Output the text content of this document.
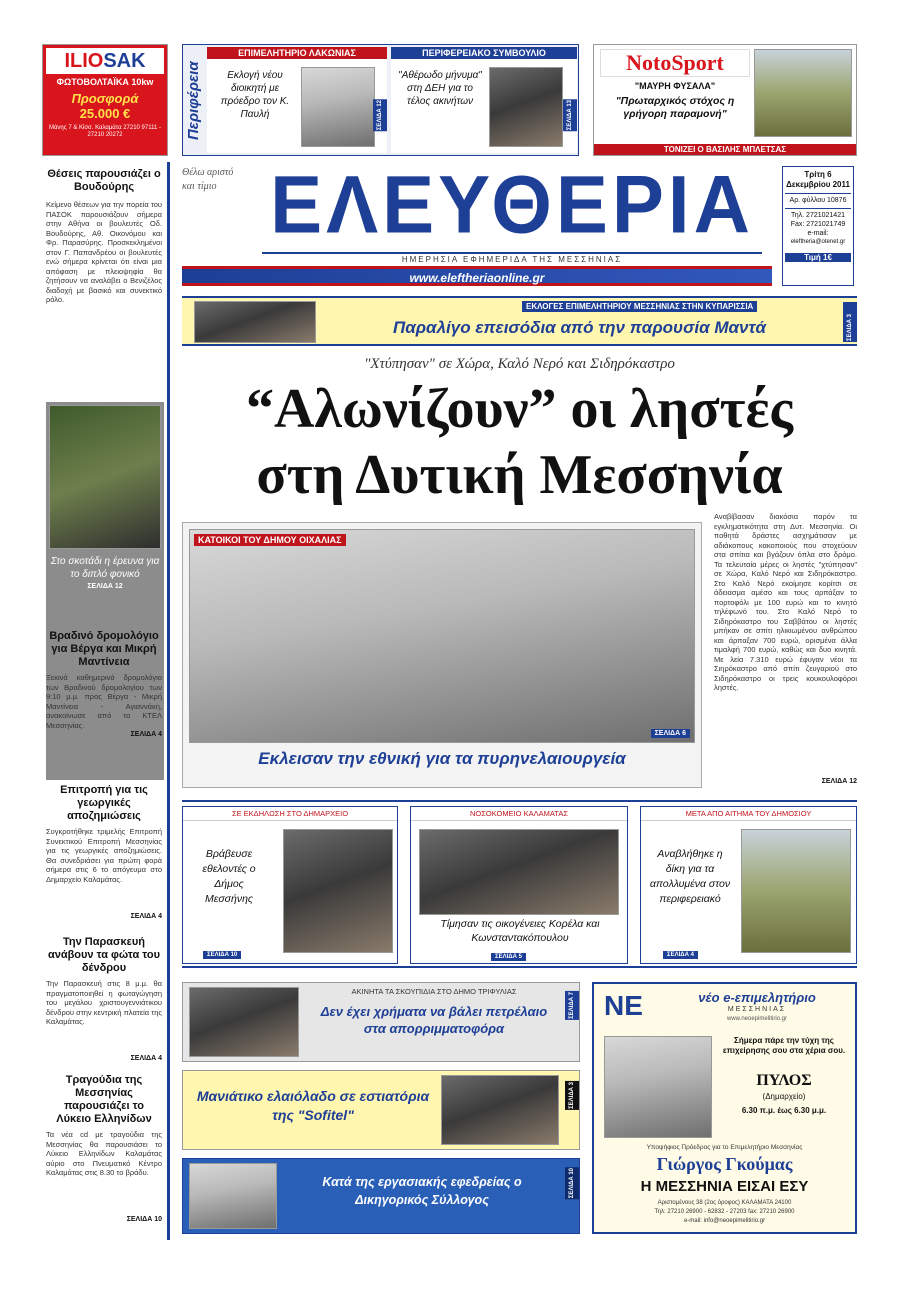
ILIOSAK
ΦΩΤΟΒΟΛΤΑΪΚΑ 10kw
Προσφορά
25.000 €
Μάνης 7 & Κίσσ. Καλαμάτα 27210 97111 - 27210 20272	Περιφέρεια
ΕΠΙΜΕΛΗΤΗΡΙΟ ΛΑΚΩΝΙΑΣ
Εκλογή νέου διοικητή με πρόεδρο τον Κ. Παυλή	ΣΕΛΙΔΑ 12
ΠΕΡΙΦΕΡΕΙΑΚΟ ΣΥΜΒΟΥΛΙΟ
"Αθέρωδο μήνυμα" στη ΔΕΗ για το τέλος ακινήτων	ΣΕΛΙΔΑ 13
NotoSport
"ΜΑΥΡΗ ΦΥΣΑΛΑ"
"Πρωταρχικός στόχος η γρήγορη παραμονή"
ΤΟΝΙΖΕΙ Ο ΒΑΣΙΛΗΣ ΜΠΛΕΤΣΑΣ
Θέσεις παρουσιάζει ο Βουδούρης
Κείμενο θέσεων για την πορεία του ΠΑΣΟΚ παρουσιάζουν σήμερα στην Αθήνα οι βουλευτές Οδ. Βουδούρης, Αθ. Οικονόμου και Φρ. Παρασύρης. Προσκεκλημένοι στον Γ. Παπανδρέου οι βουλευτές ενώ σήμερα κρίνεται ότι είναι μια απόφαση με πλειοψηφία θα ζητήσουν να αναλάβει ο Βενιζέλος διαδοχή με βασικό και συνεκτικό ρόλο.
Στο σκοτάδι η έρευνα για το διπλό φονικό
ΣΕΛΙΔΑ 12
Βραδινό δρομολόγιο για Βέργα και Μικρή Μαντίνεια
Ξεκινά καθημερινό δρομολόγιο των Βραδινού δρομολογίου των 9:10 μ.μ. προς Βέργα - Μικρή Μαντίνεια - Αγιαννάκη, ανακοίνωσε από το ΚΤΕΛ Μεσσηνίας.
ΣΕΛΙΔΑ 4
Επιτροπή για τις γεωργικές αποζημιώσεις
Συγκροτήθηκε τριμελής Επιτροπή Συνεκτικού Επιτροπή Μεσσηνίας για τις γεωργικές αποζημιώσεις. Θα συνεδριάσει για πρώτη φορά σήμερα στις 6 το απόγευμα στο Δημαρχείο Καλαμάτας.
ΣΕΛΙΔΑ 4
Την Παρασκευή ανάβουν τα φώτα του δένδρου
Την Παρασκευή στις 8 μ.μ. θα πραγματοποιηθεί η φωταγώγηση του μεγάλου χριστουγεννιάτικου δένδρου στην κεντρική πλατεία της Καλαμάτας.
ΣΕΛΙΔΑ 4
Τραγούδια της Μεσσηνίας παρουσιάζει το Λύκειο Ελληνίδων
Τα νέα cd με τραγούδια της Μεσσηνίας θα παρουσιάσει το Λύκειο Ελληνίδων Καλαμάτας αύριο στο Πνευματικό Κέντρο Καλαμάτας στις 8.30 το βράδυ.
ΣΕΛΙΔΑ 10
Θέλω αριστό και τίμιο ΕΛΕΥΘΕΡΙΑ
ΗΜΕΡΗΣΙΑ ΕΦΗΜΕΡΙΔΑ ΤΗΣ ΜΕΣΣΗΝΙΑΣ
www.eleftheriaonline.gr
Τρίτη 6 Δεκεμβρίου 2011
Αρ. φύλλου 10876
Τηλ. 2721021421
Fax: 2721021749
e-mail:
eleftheria@otenet.gr
Τιμή 1€
ΕΚΛΟΓΕΣ ΕΠΙΜΕΛΗΤΗΡΙΟΥ ΜΕΣΣΗΝΙΑΣ ΣΤΗΝ ΚΥΠΑΡΙΣΣΙΑ
Παραλίγο επεισόδια από την παρουσία Μαντά	ΣΕΛΙΔΑ 3
"Χτύπησαν" σε Χώρα, Καλό Νερό και Σιδηρόκαστρο
“Αλωνίζουν” οι ληστές
στη Δυτική Μεσσηνία
ΚΑΤΟΙΚΟΙ ΤΟΥ ΔΗΜΟΥ ΟΙΧΑΛΙΑΣ
ΣΕΛΙΔΑ 6
Εκλεισαν την εθνική για τα πυρηνελαιουργεία
Αναβίβασαν διακόσια παρόν τα εγκληματικότητα στη Δυτ. Μεσσηνία. Οι ποθητά δράστες ασχημάτισαν με αδιάκοπους κακοποιούς που στοχεύουν στα σπίτια και βγάζουν όπλα στο δρόμο. Τα τελευταία μέρες οι ληστές "χτύπησαν" σε Χώρα, Καλό Νερό και Σιδηρόκαστρο. Στο Καλό Νερό εκοίμησε κορίτσι σε άδειασμα αμέσο και τους αρπάξαν το πορτοφόλι με 100 ευρώ και το κινητό τηλέφωνό του. Στο Καλό Νερό το Σιδηρόκαστρο του Σαββάτου οι ληστές μπήκαν σε σπίτι ηλικιωμένου ανθρώπου και άρπαξαν 700 ευρώ, ορισμένα άλλα τιμαλφή 700 ευρώ, καθώς και δυο κινητά. Με λεία 7.310 ευρώ έφυγαν νέοι τα Σιηρόκαστρο από σπίτι ζευγαριού στο Σιδηρόκαστρο οι τρεις κουκουλοφόροι ληστές.
ΣΕΛΙΔΑ 12
ΣΕ ΕΚΔΗΛΩΣΗ ΣΤΟ ΔΗΜΑΡΧΕΙΟ
Βράβευσε εθελοντές ο Δήμος Μεσσήνης
ΣΕΛΙΔΑ 10
ΝΟΣΟΚΟΜΕΙΟ ΚΑΛΑΜΑΤΑΣ
Τίμησαν τις οικογένειες Κορέλα και Κωνσταντακόπουλου
ΣΕΛΙΔΑ 5
ΜΕΤΑ ΑΠΟ ΑΙΤΗΜΑ ΤΟΥ ΔΗΜΟΣΙΟΥ
Αναβλήθηκε η δίκη για τα απολλυμένα στον περιφερειακό
ΣΕΛΙΔΑ 4
ΑΚΙΝΗΤΑ ΤΑ ΣΚΟΥΠΙΔΙΑ ΣΤΟ ΔΗΜΟ ΤΡΙΦΥΛΙΑΣ
Δεν έχει χρήματα να βάλει πετρέλαιο στα απορριμματοφόρα
ΣΕΛΙΔΑ 7
Μανιάτικο ελαιόλαδο σε εστιατόρια της "Sofitel"
ΣΕΛΙΔΑ 3
Κατά της εργασιακής εφεδρείας ο Δικηγορικός Σύλλογος
ΣΕΛΙΔΑ 10
ΝΕ	νέο e-επιμελητήριο
ΜΕΣΣΗΝΙΑΣ
www.neoepimelitirio.gr
Σήμερα πάρε την τύχη της επιχείρησης σου στα χέρια σου.
ΠΥΛΟΣ
(Δημαρχείο)
6.30 π.μ. έως 6.30 μ.μ.
Υποψήφιος Πρόεδρος για το Επιμελητήριο Μεσσηνίας
Γιώργος Γκούμας
Η ΜΕΣΣΗΝΙΑ ΕΙΣΑΙ ΕΣΥ
Αριστομένους 38 (2ος όροφος) ΚΑΛΑΜΑΤΑ 24100
Τηλ: 27210 26900 - 62832 - 27203 fax: 27210 26900
e-mail: info@neoepimelitirio.gr
